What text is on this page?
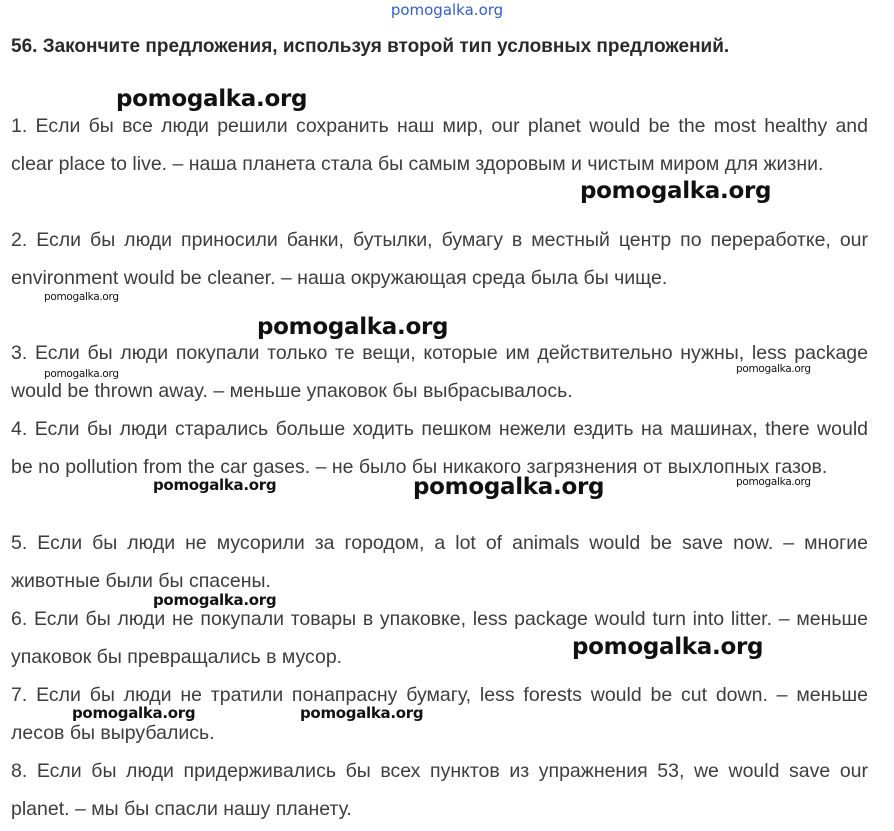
pomogalka.org
56. Закончите предложения, используя второй тип условных предложений.
1. Если бы все люди решили сохранить наш мир, our planet would be the most healthy and clear place to live. – наша планета стала бы самым здоровым и чистым миром для жизни.
2. Если бы люди приносили банки, бутылки, бумагу в местный центр по переработке, our environment would be cleaner. – наша окружающая среда была бы чище.
3. Если бы люди покупали только те вещи, которые им действительно нужны, less package would be thrown away. – меньше упаковок бы выбрасывалось.
4. Если бы люди старались больше ходить пешком нежели ездить на машинах, there would be no pollution from the car gases. – не было бы никакого загрязнения от выхлопных газов.
5. Если бы люди не мусорили за городом, a lot of animals would be save now. – многие животные были бы спасены.
6. Если бы люди не покупали товары в упаковке, less package would turn into litter. – меньше упаковок бы превращались в мусор.
7. Если бы люди не тратили понапрасну бумагу, less forests would be cut down. – меньше лесов бы вырубались.
8. Если бы люди придерживались бы всех пунктов из упражнения 53, we would save our planet. – мы бы спасли нашу планету.
pomogalka.org
pomogalka.org
pomogalka.org
pomogalka.org
pomogalka.org	pomogalka.org
pomogalka.org	pomogalka.org	pomogalka.org
pomogalka.org
pomogalka.org
pomogalka.org	pomogalka.org
